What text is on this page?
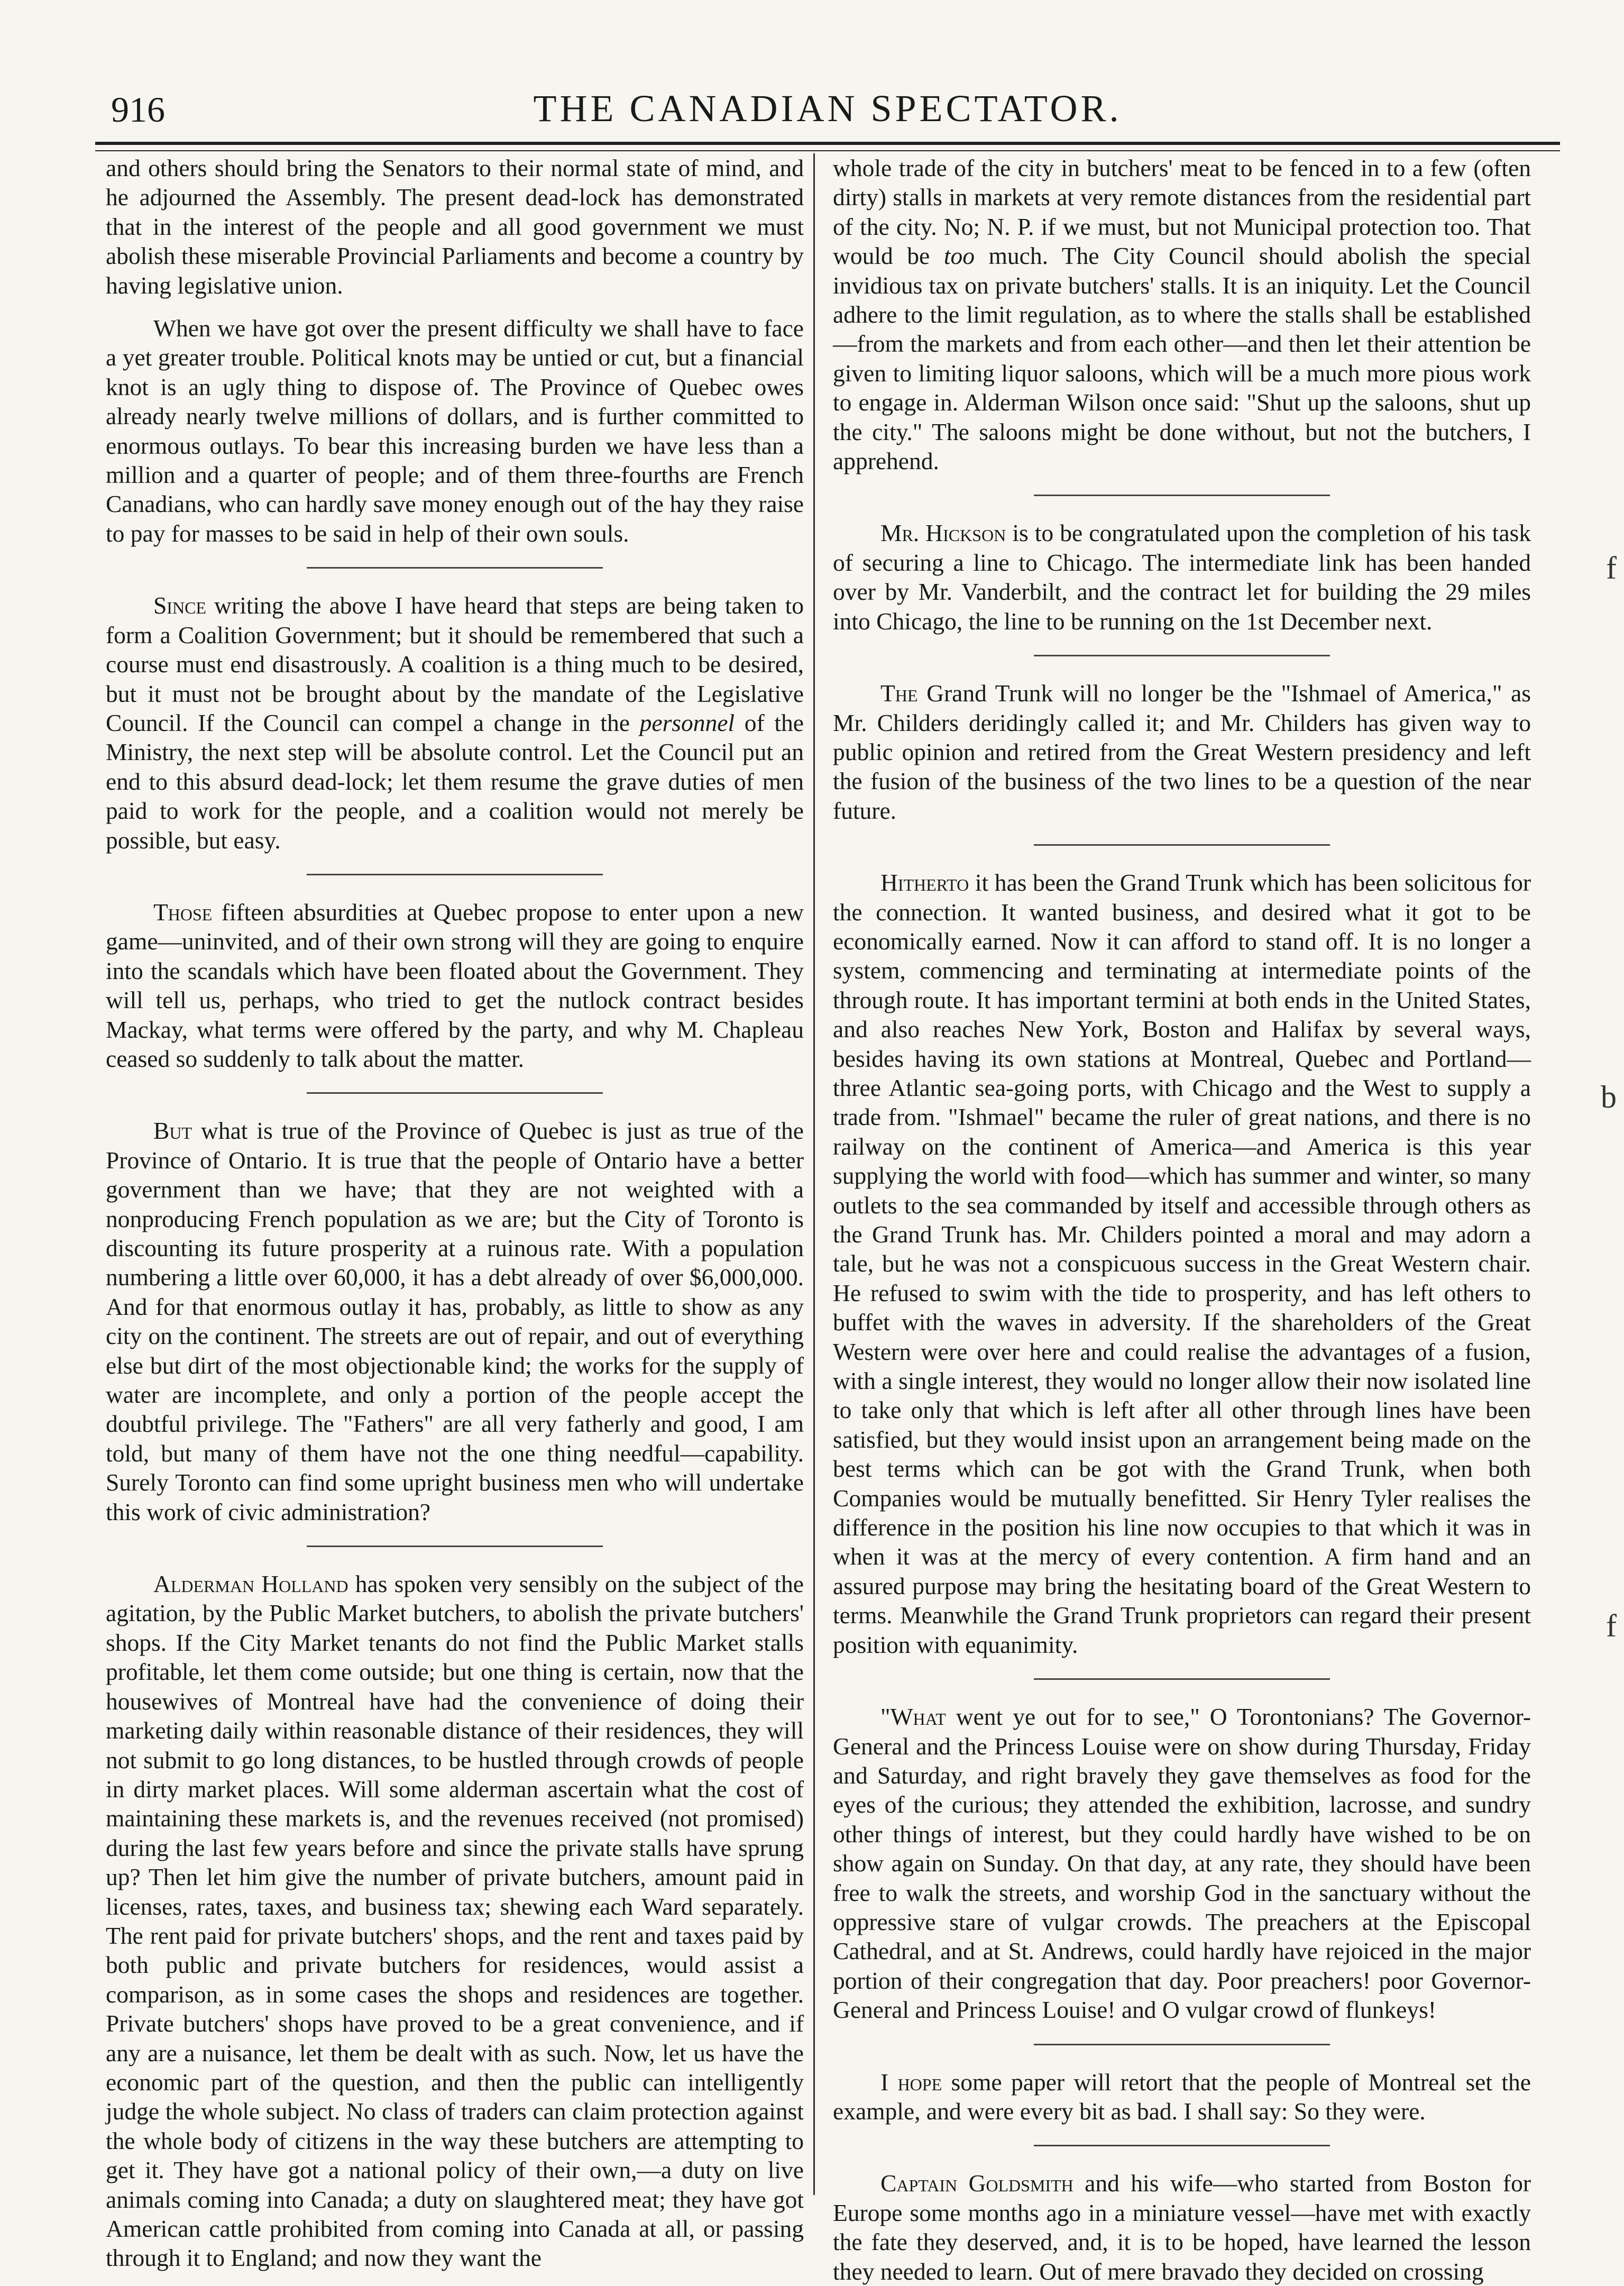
916	THE CANADIAN SPECTATOR.

and others should bring the Senators to their normal state of mind, and he adjourned the Assembly. The present dead-lock has demonstrated that in the interest of the people and all good government we must abolish these miserable Provincial Parliaments and become a country by having legislative union.

When we have got over the present difficulty we shall have to face a yet greater trouble. Political knots may be untied or cut, but a financial knot is an ugly thing to dispose of. The Province of Quebec owes already nearly twelve millions of dollars, and is further committed to enormous outlays. To bear this increasing burden we have less than a million and a quarter of people; and of them three-fourths are French Canadians, who can hardly save money enough out of the hay they raise to pay for masses to be said in help of their own souls.

Since writing the above I have heard that steps are being taken to form a Coalition Government; but it should be remembered that such a course must end disastrously. A coalition is a thing much to be desired, but it must not be brought about by the mandate of the Legislative Council. If the Council can compel a change in the personnel of the Ministry, the next step will be absolute control. Let the Council put an end to this absurd dead-lock; let them resume the grave duties of men paid to work for the people, and a coalition would not merely be possible, but easy.

Those fifteen absurdities at Quebec propose to enter upon a new game—uninvited, and of their own strong will they are going to enquire into the scandals which have been floated about the Government. They will tell us, perhaps, who tried to get the nutlock contract besides Mackay, what terms were offered by the party, and why M. Chapleau ceased so suddenly to talk about the matter.

But what is true of the Province of Quebec is just as true of the Province of Ontario. It is true that the people of Ontario have a better government than we have; that they are not weighted with a nonproducing French population as we are; but the City of Toronto is discounting its future prosperity at a ruinous rate. With a population numbering a little over 60,000, it has a debt already of over $6,000,000. And for that enormous outlay it has, probably, as little to show as any city on the continent. The streets are out of repair, and out of everything else but dirt of the most objectionable kind; the works for the supply of water are incomplete, and only a portion of the people accept the doubtful privilege. The "Fathers" are all very fatherly and good, I am told, but many of them have not the one thing needful—capability. Surely Toronto can find some upright business men who will undertake this work of civic administration?

Alderman Holland has spoken very sensibly on the subject of the agitation, by the Public Market butchers, to abolish the private butchers' shops. If the City Market tenants do not find the Public Market stalls profitable, let them come outside; but one thing is certain, now that the housewives of Montreal have had the convenience of doing their marketing daily within reasonable distance of their residences, they will not submit to go long distances, to be hustled through crowds of people in dirty market places. Will some alderman ascertain what the cost of maintaining these markets is, and the revenues received (not promised) during the last few years before and since the private stalls have sprung up? Then let him give the number of private butchers, amount paid in licenses, rates, taxes, and business tax; shewing each Ward separately. The rent paid for private butchers' shops, and the rent and taxes paid by both public and private butchers for residences, would assist a comparison, as in some cases the shops and residences are together. Private butchers' shops have proved to be a great convenience, and if any are a nuisance, let them be dealt with as such. Now, let us have the economic part of the question, and then the public can intelligently judge the whole subject. No class of traders can claim protection against the whole body of citizens in the way these butchers are attempting to get it. They have got a national policy of their own,—a duty on live animals coming into Canada; a duty on slaughtered meat; they have got American cattle prohibited from coming into Canada at all, or passing through it to England; and now they want the

whole trade of the city in butchers' meat to be fenced in to a few (often dirty) stalls in markets at very remote distances from the residential part of the city. No; N. P. if we must, but not Municipal protection too. That would be too much. The City Council should abolish the special invidious tax on private butchers' stalls. It is an iniquity. Let the Council adhere to the limit regulation, as to where the stalls shall be established—from the markets and from each other—and then let their attention be given to limiting liquor saloons, which will be a much more pious work to engage in. Alderman Wilson once said: "Shut up the saloons, shut up the city." The saloons might be done without, but not the butchers, I apprehend.

Mr. Hickson is to be congratulated upon the completion of his task of securing a line to Chicago. The intermediate link has been handed over by Mr. Vanderbilt, and the contract let for building the 29 miles into Chicago, the line to be running on the 1st December next.

The Grand Trunk will no longer be the "Ishmael of America," as Mr. Childers deridingly called it; and Mr. Childers has given way to public opinion and retired from the Great Western presidency and left the fusion of the business of the two lines to be a question of the near future.

Hitherto it has been the Grand Trunk which has been solicitous for the connection. It wanted business, and desired what it got to be economically earned. Now it can afford to stand off. It is no longer a system, commencing and terminating at intermediate points of the through route. It has important termini at both ends in the United States, and also reaches New York, Boston and Halifax by several ways, besides having its own stations at Montreal, Quebec and Portland—three Atlantic sea-going ports, with Chicago and the West to supply a trade from. "Ishmael" became the ruler of great nations, and there is no railway on the continent of America—and America is this year supplying the world with food—which has summer and winter, so many outlets to the sea commanded by itself and accessible through others as the Grand Trunk has. Mr. Childers pointed a moral and may adorn a tale, but he was not a conspicuous success in the Great Western chair. He refused to swim with the tide to prosperity, and has left others to buffet with the waves in adversity. If the shareholders of the Great Western were over here and could realise the advantages of a fusion, with a single interest, they would no longer allow their now isolated line to take only that which is left after all other through lines have been satisfied, but they would insist upon an arrangement being made on the best terms which can be got with the Grand Trunk, when both Companies would be mutually benefitted. Sir Henry Tyler realises the difference in the position his line now occupies to that which it was in when it was at the mercy of every contention. A firm hand and an assured purpose may bring the hesitating board of the Great Western to terms. Meanwhile the Grand Trunk proprietors can regard their present position with equanimity.

"What went ye out for to see," O Torontonians? The Governor-General and the Princess Louise were on show during Thursday, Friday and Saturday, and right bravely they gave themselves as food for the eyes of the curious; they attended the exhibition, lacrosse, and sundry other things of interest, but they could hardly have wished to be on show again on Sunday. On that day, at any rate, they should have been free to walk the streets, and worship God in the sanctuary without the oppressive stare of vulgar crowds. The preachers at the Episcopal Cathedral, and at St. Andrews, could hardly have rejoiced in the major portion of their congregation that day. Poor preachers! poor Governor-General and Princess Louise! and O vulgar crowd of flunkeys!

I hope some paper will retort that the people of Montreal set the example, and were every bit as bad. I shall say: So they were.

Captain Goldsmith and his wife—who started from Boston for Europe some months ago in a miniature vessel—have met with exactly the fate they deserved, and, it is to be hoped, have learned the lesson they needed to learn. Out of mere bravado they decided on crossing

f
b
f
